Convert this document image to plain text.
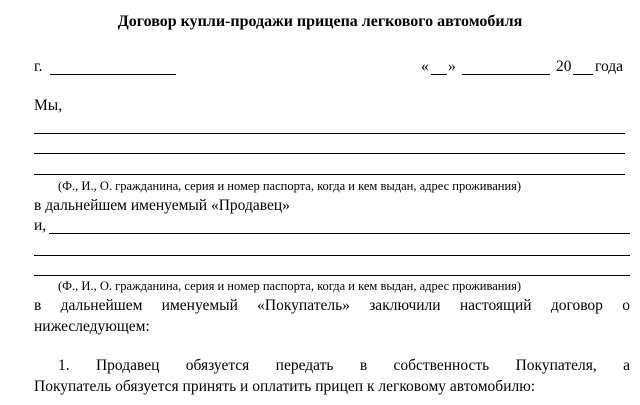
Договор купли-продажи прицепа легкового автомобиля
г.	« »	20 года
Мы,
(Ф., И., О. гражданина, серия и номер паспорта, когда и кем выдан, адрес проживания)
в дальнейшем именуемый «Продавец»
и,
(Ф., И., О. гражданина, серия и номер паспорта, когда и кем выдан, адрес проживания)
в дальнейшем именуемый «Покупатель» заключили настоящий договор о
нижеследующем:
1. Продавец обязуется передать в собственность Покупателя, а
Покупатель обязуется принять и оплатить прицеп к легковому автомобилю:
